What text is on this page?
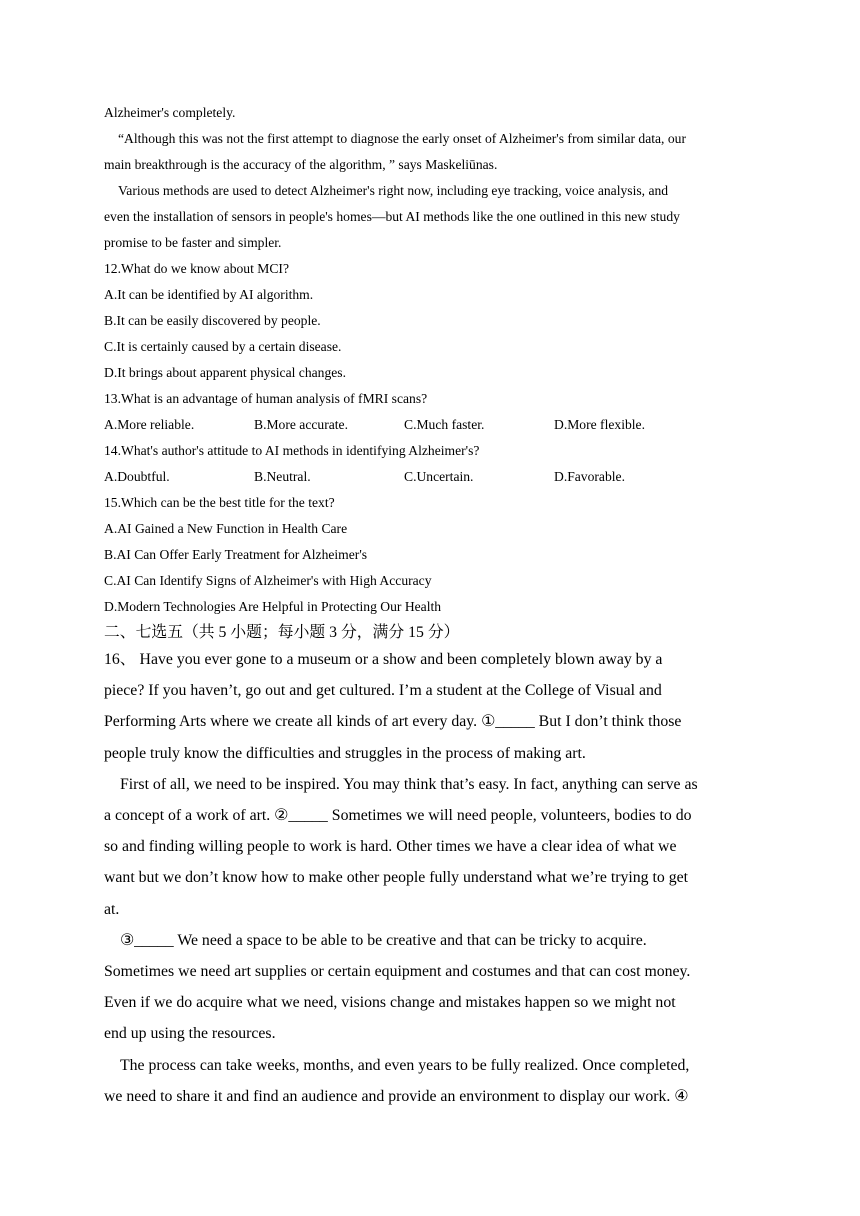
Alzheimer's completely.
“Although this was not the first attempt to diagnose the early onset of Alzheimer's from similar data, our
main breakthrough is the accuracy of the algorithm, ” says Maskeliūnas.
Various methods are used to detect Alzheimer's right now, including eye tracking, voice analysis, and
even the installation of sensors in people's homes—but AI methods like the one outlined in this new study
promise to be faster and simpler.
12.What do we know about MCI?
A.It can be identified by AI algorithm.
B.It can be easily discovered by people.
C.It is certainly caused by a certain disease.
D.It brings about apparent physical changes.
13.What is an advantage of human analysis of fMRI scans?
A.More reliable.	B.More accurate.	C.Much faster.	D.More flexible.
14.What's author's attitude to AI methods in identifying Alzheimer's?
A.Doubtful.	B.Neutral.	C.Uncertain.	D.Favorable.
15.Which can be the best title for the text?
A.AI Gained a New Function in Health Care
B.AI Can Offer Early Treatment for Alzheimer's
C.AI Can Identify Signs of Alzheimer's with High Accuracy
D.Modern Technologies Are Helpful in Protecting Our Health
二、七选五（共 5 小题；每小题 3 分，满分 15 分）
16、 Have you ever gone to a museum or a show and been completely blown away by a
piece? If you haven’t, go out and get cultured. I’m a student at the College of Visual and
Performing Arts where we create all kinds of art every day. ①_____ But I don’t think those
people truly know the difficulties and struggles in the process of making art.
First of all, we need to be inspired. You may think that’s easy. In fact, anything can serve as
a concept of a work of art. ②_____ Sometimes we will need people, volunteers, bodies to do
so and finding willing people to work is hard. Other times we have a clear idea of what we
want but we don’t know how to make other people fully understand what we’re trying to get
at.
③_____ We need a space to be able to be creative and that can be tricky to acquire.
Sometimes we need art supplies or certain equipment and costumes and that can cost money.
Even if we do acquire what we need, visions change and mistakes happen so we might not
end up using the resources.
The process can take weeks, months, and even years to be fully realized. Once completed,
we need to share it and find an audience and provide an environment to display our work. ④
